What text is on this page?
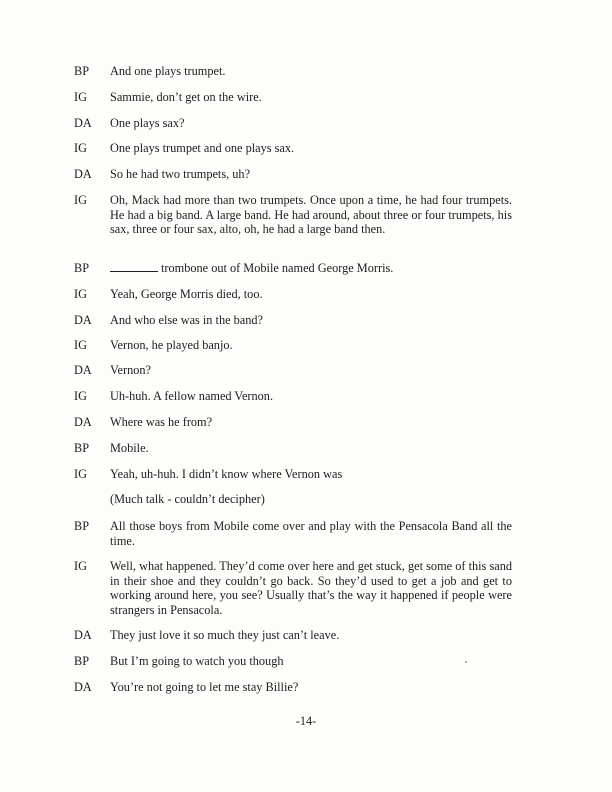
BP	And one plays trumpet.
IG	Sammie, don’t get on the wire.
DA	One plays sax?
IG	One plays trumpet and one plays sax.
DA	So he had two trumpets, uh?
IG	Oh, Mack had more than two trumpets. Once upon a time, he had four trumpets. He had a big band. A large band. He had around, about three or four trumpets, his sax, three or four sax, alto, oh, he had a large band then.
BP	trombone out of Mobile named George Morris.
IG	Yeah, George Morris died, too.
DA	And who else was in the band?
IG	Vernon, he played banjo.
DA	Vernon?
IG	Uh-huh. A fellow named Vernon.
DA	Where was he from?
BP	Mobile.
IG	Yeah, uh-huh. I didn’t know where Vernon was
(Much talk - couldn’t decipher)
BP	All those boys from Mobile come over and play with the Pensacola Band all the time.
IG	Well, what happened. They’d come over here and get stuck, get some of this sand in their shoe and they couldn’t go back. So they’d used to get a job and get to working around here, you see? Usually that’s the way it happened if people were strangers in Pensacola.
DA	They just love it so much they just can’t leave.
BP	But I’m going to watch you though
DA	You’re not going to let me stay Billie?
-14-
